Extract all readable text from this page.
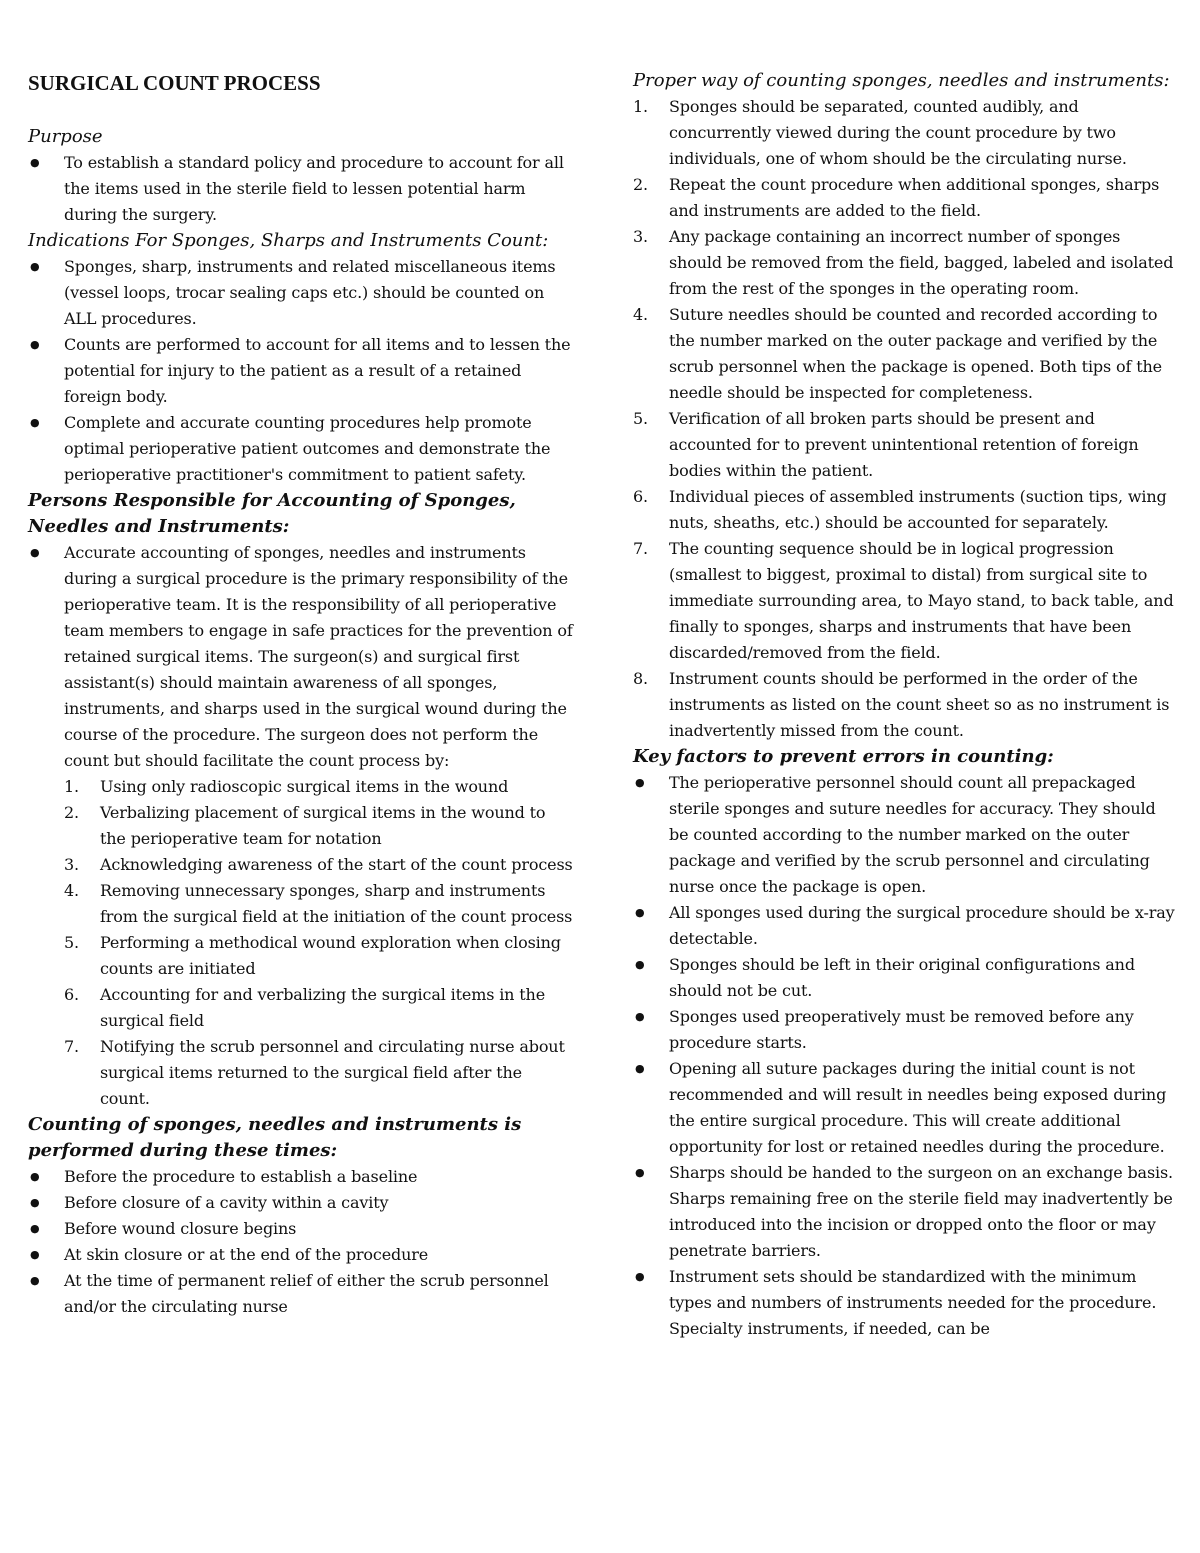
SURGICAL COUNT PROCESS
Purpose
● To establish a standard policy and procedure to account for all the items used in the sterile field to lessen potential harm during the surgery.
Indications For Sponges, Sharps and Instruments Count:
● Sponges, sharp, instruments and related miscellaneous items (vessel loops, trocar sealing caps etc.) should be counted on ALL procedures.
● Counts are performed to account for all items and to lessen the potential for injury to the patient as a result of a retained foreign body.
● Complete and accurate counting procedures help promote optimal perioperative patient outcomes and demonstrate the perioperative practitioner's commitment to patient safety.
Persons Responsible for Accounting of Sponges, Needles and Instruments:
● Accurate accounting of sponges, needles and instruments during a surgical procedure is the primary responsibility of the perioperative team. It is the responsibility of all perioperative team members to engage in safe practices for the prevention of retained surgical items. The surgeon(s) and surgical first assistant(s) should maintain awareness of all sponges, instruments, and sharps used in the surgical wound during the course of the procedure. The surgeon does not perform the count but should facilitate the count process by:
1. Using only radioscopic surgical items in the wound
2. Verbalizing placement of surgical items in the wound to the perioperative team for notation
3. Acknowledging awareness of the start of the count process
4. Removing unnecessary sponges, sharp and instruments from the surgical field at the initiation of the count process
5. Performing a methodical wound exploration when closing counts are initiated
6. Accounting for and verbalizing the surgical items in the surgical field
7. Notifying the scrub personnel and circulating nurse about surgical items returned to the surgical field after the count.
Counting of sponges, needles and instruments is performed during these times:
● Before the procedure to establish a baseline
● Before closure of a cavity within a cavity
● Before wound closure begins
● At skin closure or at the end of the procedure
● At the time of permanent relief of either the scrub personnel and/or the circulating nurse
Proper way of counting sponges, needles and instruments:
1. Sponges should be separated, counted audibly, and concurrently viewed during the count procedure by two individuals, one of whom should be the circulating nurse.
2. Repeat the count procedure when additional sponges, sharps and instruments are added to the field.
3. Any package containing an incorrect number of sponges should be removed from the field, bagged, labeled and isolated from the rest of the sponges in the operating room.
4. Suture needles should be counted and recorded according to the number marked on the outer package and verified by the scrub personnel when the package is opened. Both tips of the needle should be inspected for completeness.
5. Verification of all broken parts should be present and accounted for to prevent unintentional retention of foreign bodies within the patient.
6. Individual pieces of assembled instruments (suction tips, wing nuts, sheaths, etc.) should be accounted for separately.
7. The counting sequence should be in logical progression (smallest to biggest, proximal to distal) from surgical site to immediate surrounding area, to Mayo stand, to back table, and finally to sponges, sharps and instruments that have been discarded/removed from the field.
8. Instrument counts should be performed in the order of the instruments as listed on the count sheet so as no instrument is inadvertently missed from the count.
Key factors to prevent errors in counting:
● The perioperative personnel should count all prepackaged sterile sponges and suture needles for accuracy. They should be counted according to the number marked on the outer package and verified by the scrub personnel and circulating nurse once the package is open.
● All sponges used during the surgical procedure should be x-ray detectable.
● Sponges should be left in their original configurations and should not be cut.
● Sponges used preoperatively must be removed before any procedure starts.
● Opening all suture packages during the initial count is not recommended and will result in needles being exposed during the entire surgical procedure. This will create additional opportunity for lost or retained needles during the procedure.
● Sharps should be handed to the surgeon on an exchange basis. Sharps remaining free on the sterile field may inadvertently be introduced into the incision or dropped onto the floor or may penetrate barriers.
● Instrument sets should be standardized with the minimum types and numbers of instruments needed for the procedure. Specialty instruments, if needed, can be
